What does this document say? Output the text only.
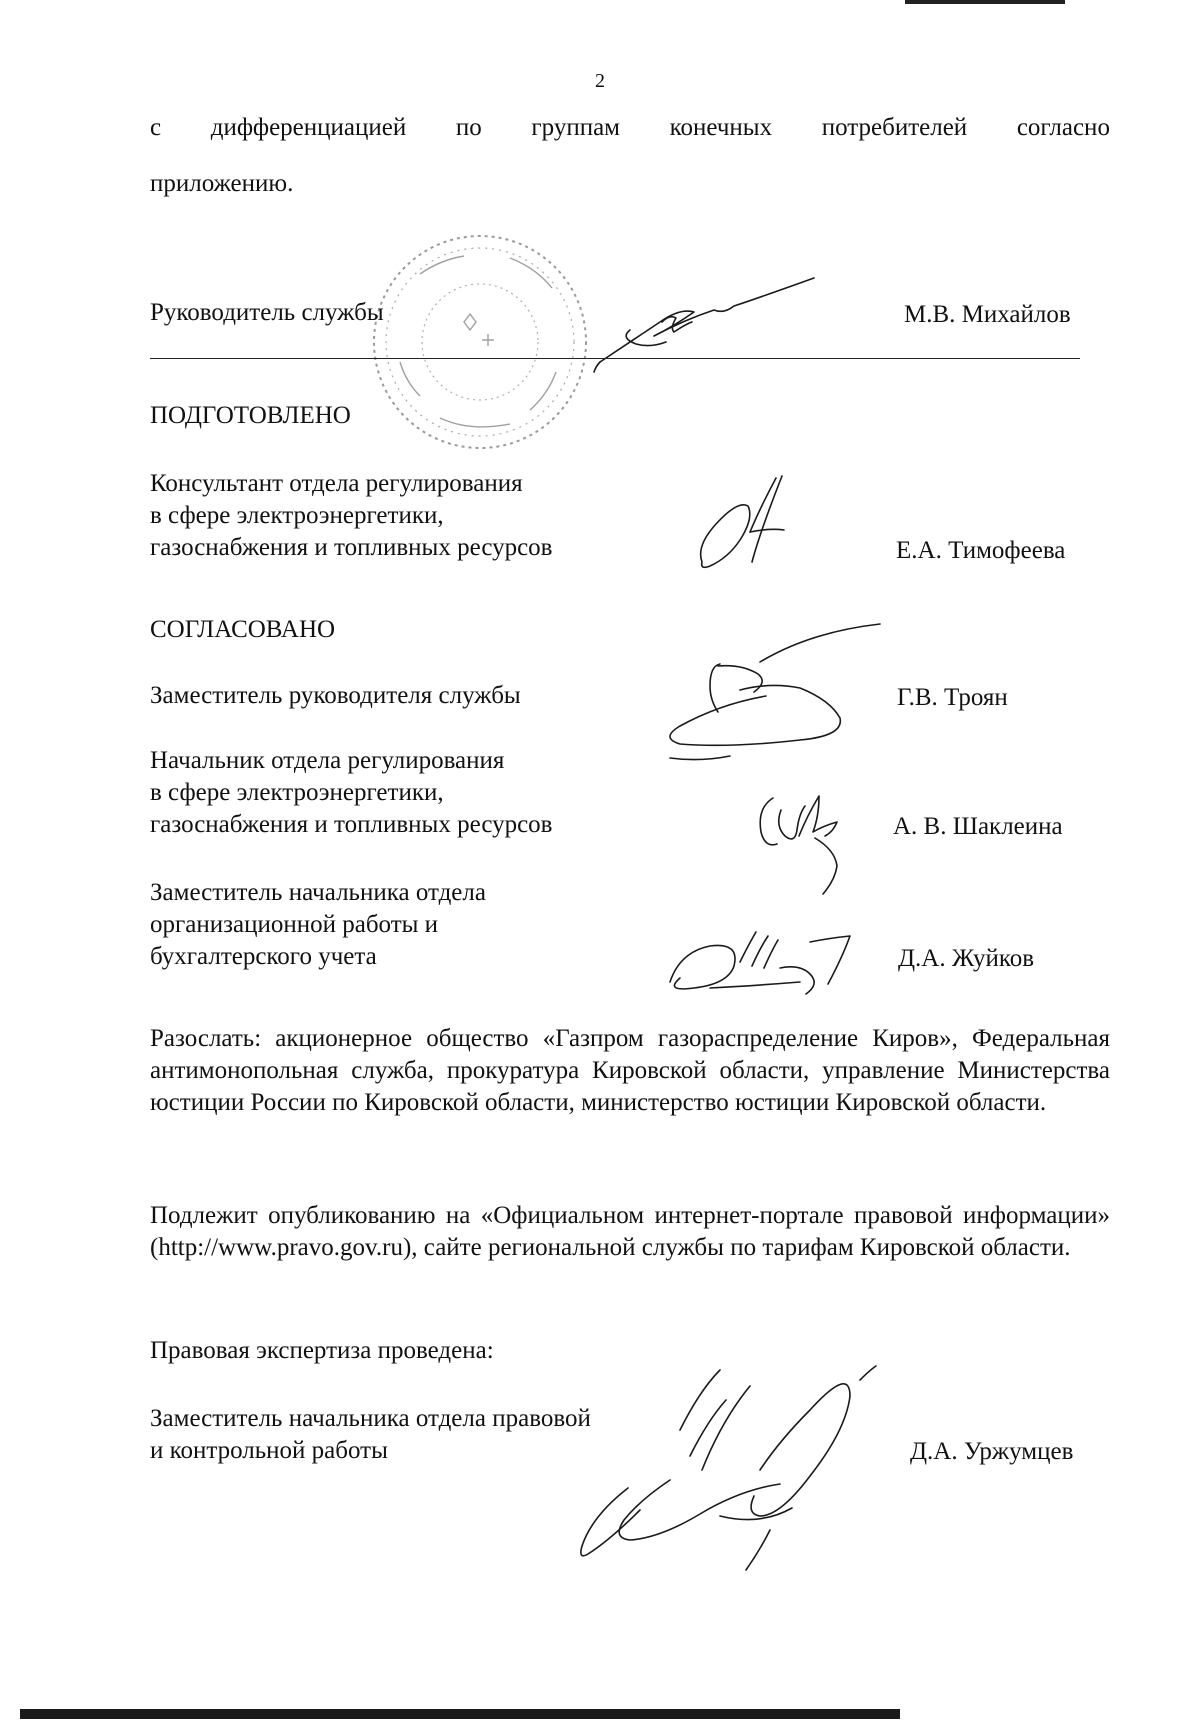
2
с дифференциацией по группам конечных потребителей согласно
приложению.
Руководитель службы	М.В. Михайлов
ПОДГОТОВЛЕНО
Консультант отдела регулирования
в сфере электроэнергетики,
газоснабжения и топливных ресурсов	Е.А. Тимофеева
СОГЛАСОВАНО
Заместитель руководителя службы	Г.В. Троян
Начальник отдела регулирования
в сфере электроэнергетики,
газоснабжения и топливных ресурсов	А. В. Шаклеина
Заместитель начальника отдела
организационной работы и
бухгалтерского учета	Д.А. Жуйков
Разослать: акционерное общество «Газпром газораспределение Киров», Федеральная антимонопольная служба, прокуратура Кировской области, управление Министерства юстиции России по Кировской области, министерство юстиции Кировской области.
Подлежит опубликованию на «Официальном интернет-портале правовой информации» (http://www.pravo.gov.ru), сайте региональной службы по тарифам Кировской области.
Правовая экспертиза проведена:
Заместитель начальника отдела правовой
и контрольной работы	Д.А. Уржумцев
